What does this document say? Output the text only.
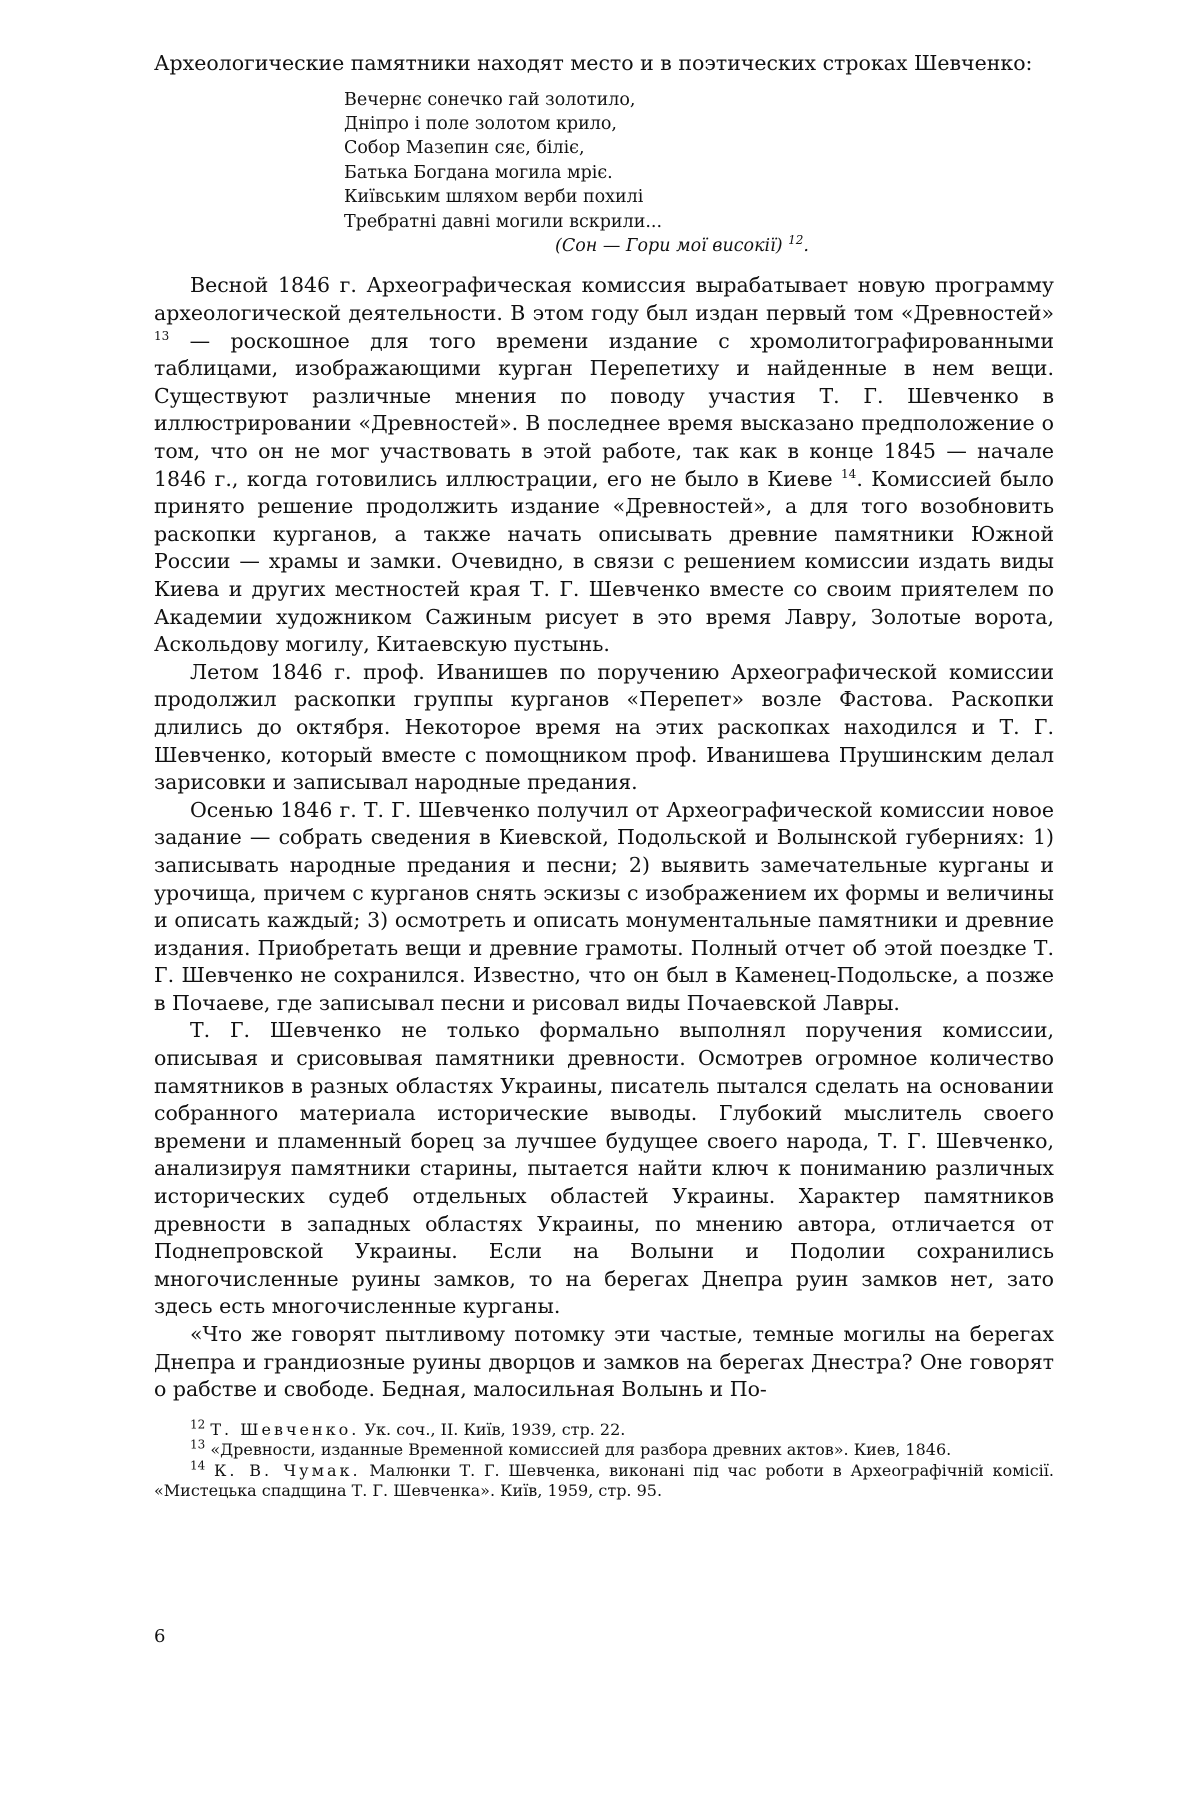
Археологические памятники находят место и в поэтических строках Шевченко:

Вечернє сонечко гай золотило,
Дніпро і поле золотом крило,
Собор Мазепин сяє, біліє,
Батька Богдана могила мріє.
Київським шляхом верби похилі
Требратні давні могили вскрили...
(Сон — Гори мої високії) $^{12}$.

Весной 1846 г. Археографическая комиссия вырабатывает новую программу археологической деятельности. В этом году был издан первый том «Древностей» $^{13}$ — роскошное для того времени издание с хромолитографированными таблицами, изображающими курган Перепетиху и найденные в нем вещи. Существуют различные мнения по поводу участия Т. Г. Шевченко в иллюстрировании «Древностей». В последнее время высказано предположение о том, что он не мог участвовать в этой работе, так как в конце 1845 — начале 1846 г., когда готовились иллюстрации, его не было в Киеве $^{14}$. Комиссией было принято решение продолжить издание «Древностей», а для того возобновить раскопки курганов, а также начать описывать древние памятники Южной России — храмы и замки. Очевидно, в связи с решением комиссии издать виды Киева и других местностей края Т. Г. Шевченко вместе со своим приятелем по Академии художником Сажиным рисует в это время Лавру, Золотые ворота, Аскольдову могилу, Китаевскую пустынь.

Летом 1846 г. проф. Иванишев по поручению Археографической комиссии продолжил раскопки группы курганов «Перепет» возле Фастова. Раскопки длились до октября. Некоторое время на этих раскопках находился и Т. Г. Шевченко, который вместе с помощником проф. Иванишева Прушинским делал зарисовки и записывал народные предания.

Осенью 1846 г. Т. Г. Шевченко получил от Археографической комиссии новое задание — собрать сведения в Киевской, Подольской и Волынской губерниях: 1) записывать народные предания и песни; 2) выявить замечательные курганы и урочища, причем с курганов снять эскизы с изображением их формы и величины и описать каждый; 3) осмотреть и описать монументальные памятники и древние издания. Приобретать вещи и древние грамоты. Полный отчет об этой поездке Т. Г. Шевченко не сохранился. Известно, что он был в Каменец-Подольске, а позже в Почаеве, где записывал песни и рисовал виды Почаевской Лавры.

Т. Г. Шевченко не только формально выполнял поручения комиссии, описывая и срисовывая памятники древности. Осмотрев огромное количество памятников в разных областях Украины, писатель пытался сделать на основании собранного материала исторические выводы. Глубокий мыслитель своего времени и пламенный борец за лучшее будущее своего народа, Т. Г. Шевченко, анализируя памятники старины, пытается найти ключ к пониманию различных исторических судеб отдельных областей Украины. Характер памятников древности в западных областях Украины, по мнению автора, отличается от Поднепровской Украины. Если на Волыни и Подолии сохранились многочисленные руины замков, то на берегах Днепра руин замков нет, зато здесь есть многочисленные курганы.

«Что же говорят пытливому потомку эти частые, темные могилы на берегах Днепра и грандиозные руины дворцов и замков на берегах Днестра? Оне говорят о рабстве и свободе. Бедная, малосильная Волынь и По-

$^{12}$ Т. Шевченко. Ук. соч., II. Київ, 1939, стр. 22.

$^{13}$ «Древности, изданные Временной комиссией для разбора древних актов». Киев, 1846.

$^{14}$ К. В. Чумак. Малюнки Т. Г. Шевченка, виконані під час роботи в Археографічній комісії. «Мистецька спадщина Т. Г. Шевченка». Київ, 1959, стр. 95.

6
